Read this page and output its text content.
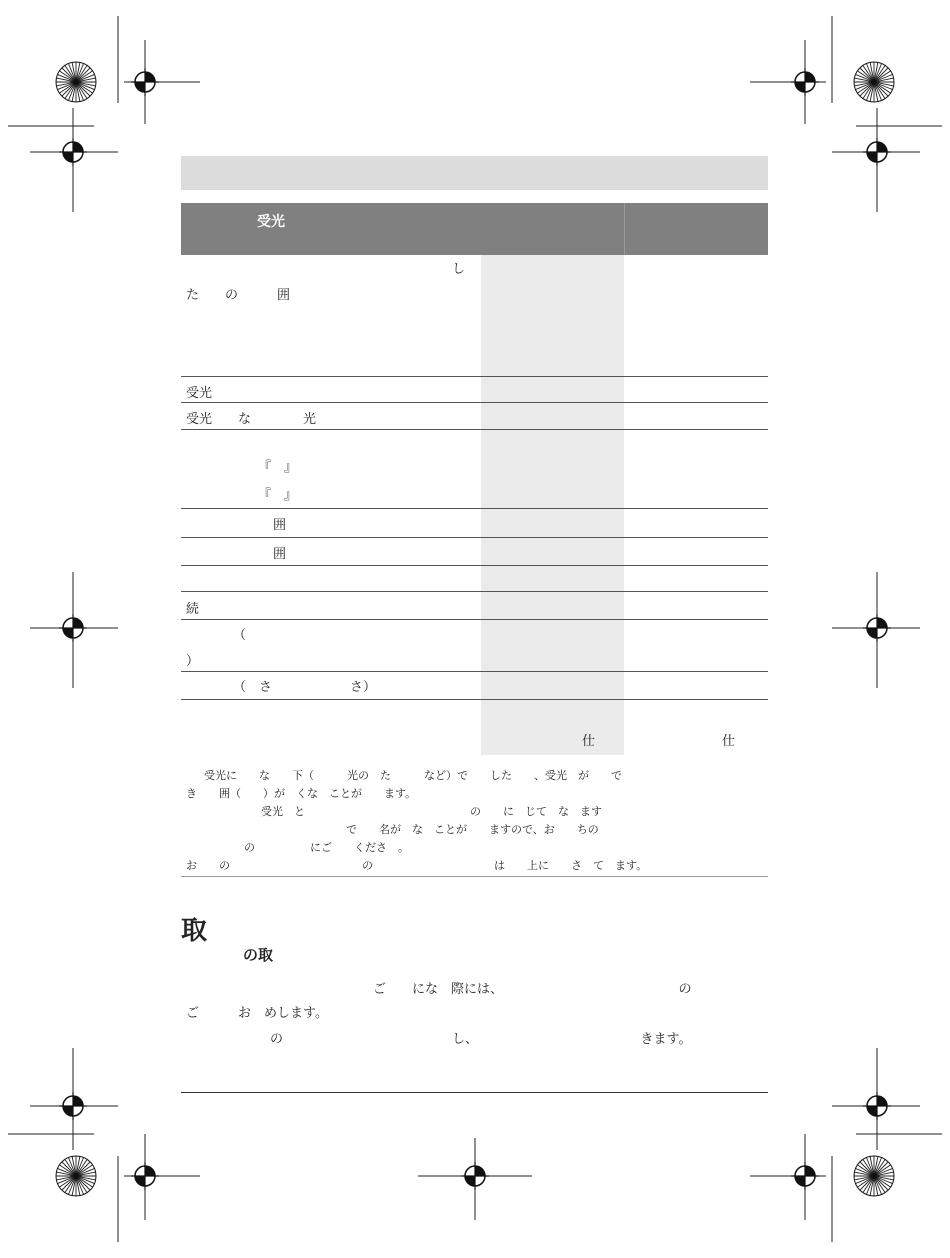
受光
し
た　　の　　　囲
受光
受光　　な　　　　光
『　』
『　』
囲
囲
続
（
）
（　さ　　　　　　さ）
仕	仕
受光に　　な　　下（　　　光の　た　　　など）で　　した　　、受光　が　　で
き　　囲（　　）が　くな　ことが　　ます。
受光　と　　　　　　　　　　　　　　　の　　に　じて　な　ます
で　　名が　な　ことが　　ますので、お　　ちの
の　　　　　にご　　くださ　。
お　　の　　　　　　　　　　　　の　　　　　　　　　　　は　　上に　　さ　て　ます。
取
の取
ご　　にな　際には、　　　　　　　　　　　　　　の
ご　　　お　めします。
の　　　　　　　　　　　　　し、　　　　　　　　　　　　　きます。
